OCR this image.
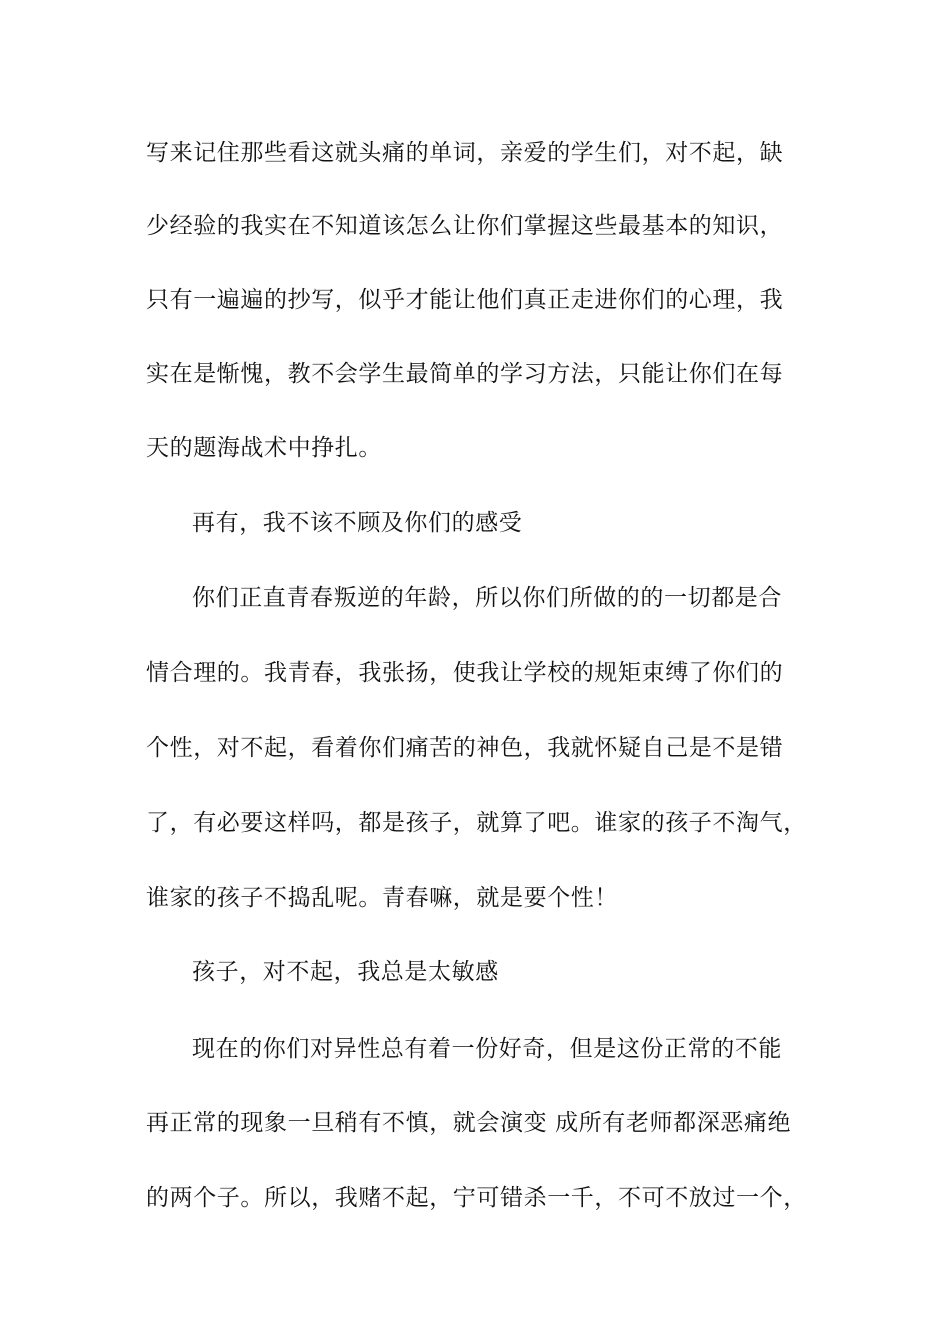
写来记住那些看这就头痛的单词，亲爱的学生们，对不起，缺
少经验的我实在不知道该怎么让你们掌握这些最基本的知识，
只有一遍遍的抄写，似乎才能让他们真正走进你们的心理，我
实在是惭愧，教不会学生最简单的学习方法，只能让你们在每
天的题海战术中挣扎。
再有，我不该不顾及你们的感受
你们正直青春叛逆的年龄，所以你们所做的的一切都是合
情合理的。我青春，我张扬，使我让学校的规矩束缚了你们的
个性，对不起，看着你们痛苦的神色，我就怀疑自己是不是错
了，有必要这样吗，都是孩子，就算了吧。谁家的孩子不淘气，
谁家的孩子不捣乱呢。青春嘛，就是要个性！
孩子，对不起，我总是太敏感
现在的你们对异性总有着一份好奇，但是这份正常的不能
再正常的现象一旦稍有不慎，就会演变 成所有老师都深恶痛绝
的两个子。所以，我赌不起，宁可错杀一千，不可不放过一个，
